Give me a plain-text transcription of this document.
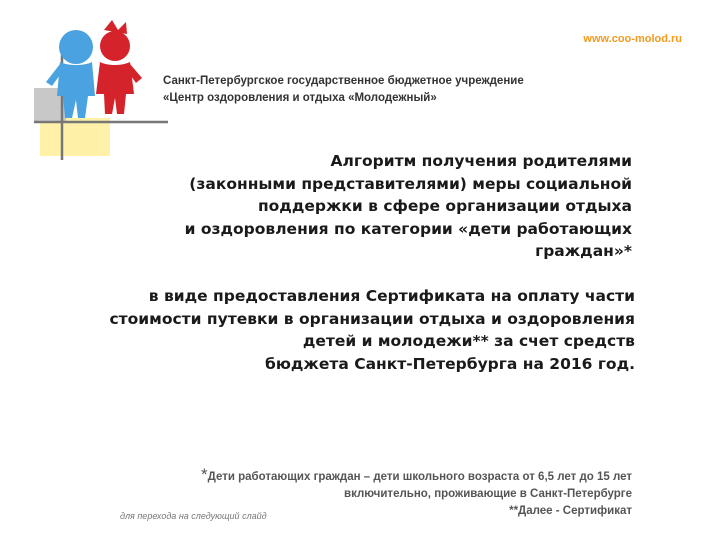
www.coo-molod.ru
Санкт-Петербургское государственное бюджетное учреждение
«Центр оздоровления и отдыха «Молодежный»
Алгоритм получения родителями
(законными представителями) меры социальной
поддержки в сфере организации отдыха
и оздоровления по категории «дети работающих
граждан»*
в виде предоставления Сертификата на оплату части
стоимости путевки в организации отдыха и оздоровления
детей и молодежи** за счет средств
бюджета Санкт-Петербурга на 2016 год.
*Дети работающих граждан – дети школьного возраста от 6,5 лет до 15 лет
включительно, проживающие в Санкт-Петербурге
**Далее - Сертификат
для перехода на следующий слайд
